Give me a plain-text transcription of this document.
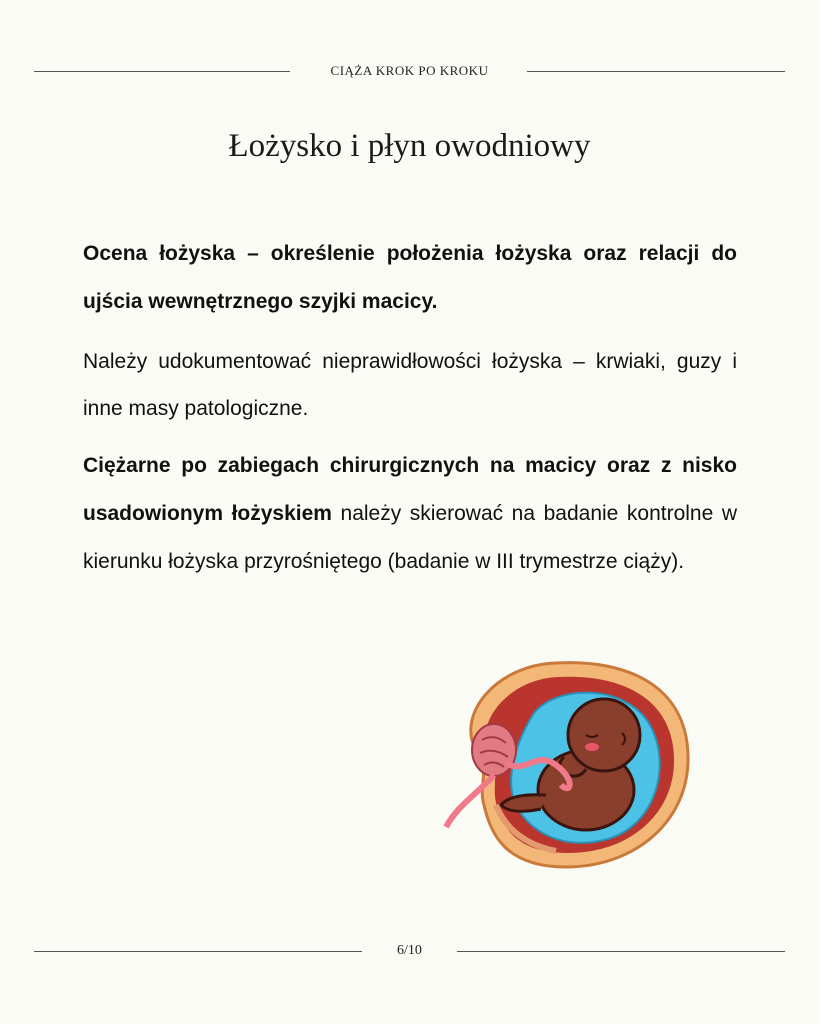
CIĄŻA KROK PO KROKU
Łożysko i płyn owodniowy

Ocena łożyska – określenie położenia łożyska oraz relacji do ujścia wewnętrznego szyjki macicy.

Należy udokumentować nieprawidłowości łożyska – krwiaki, guzy i inne masy patologiczne.

Ciężarne po zabiegach chirurgicznych na macicy oraz z nisko usadowionym łożyskiem należy skierować na badanie kontrolne w kierunku łożyska przyrośniętego (badanie w III trymestrze ciąży).

6/10
